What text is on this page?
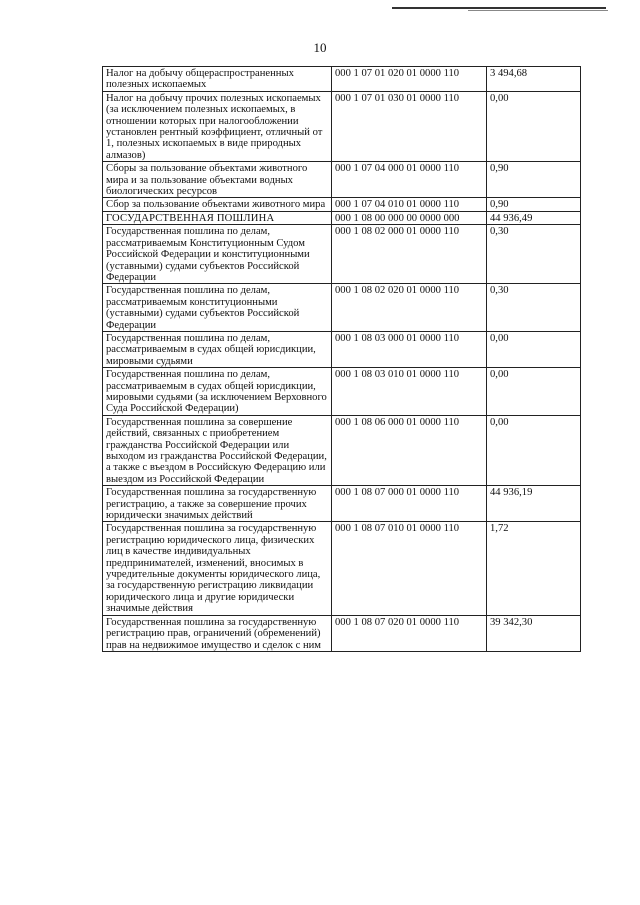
10
Налог на добычу общераспространенных полезных ископаемых	000 1 07 01 020 01 0000 110	3 494,68
Налог на добычу прочих полезных ископаемых (за исключением полезных ископаемых, в отношении которых при налогообложении установлен рентный коэффициент, отличный от 1, полезных ископаемых в виде природных алмазов)	000 1 07 01 030 01 0000 110	0,00
Сборы за пользование объектами животного мира и за пользование объектами водных биологических ресурсов	000 1 07 04 000 01 0000 110	0,90
Сбор за пользование объектами животного мира	000 1 07 04 010 01 0000 110	0,90
ГОСУДАРСТВЕННАЯ ПОШЛИНА	000 1 08 00 000 00 0000 000	44 936,49
Государственная пошлина по делам, рассматриваемым Конституционным Судом Российской Федерации и конституционными (уставными) судами субъектов Российской Федерации	000 1 08 02 000 01 0000 110	0,30
Государственная пошлина по делам, рассматриваемым конституционными (уставными) судами субъектов Российской Федерации	000 1 08 02 020 01 0000 110	0,30
Государственная пошлина по делам, рассматриваемым в судах общей юрисдикции, мировыми судьями	000 1 08 03 000 01 0000 110	0,00
Государственная пошлина по делам, рассматриваемым в судах общей юрисдикции, мировыми судьями (за исключением Верховного Суда Российской Федерации)	000 1 08 03 010 01 0000 110	0,00
Государственная пошлина за совершение действий, связанных с приобретением гражданства Российской Федерации или выходом из гражданства Российской Федерации, а также с въездом в Российскую Федерацию или выездом из Российской Федерации	000 1 08 06 000 01 0000 110	0,00
Государственная пошлина за государственную регистрацию, а также за совершение прочих юридически значимых действий	000 1 08 07 000 01 0000 110	44 936,19
Государственная пошлина за государственную регистрацию юридического лица, физических лиц в качестве индивидуальных предпринимателей, изменений, вносимых в учредительные документы юридического лица, за государственную регистрацию ликвидации юридического лица и другие юридически значимые действия	000 1 08 07 010 01 0000 110	1,72
Государственная пошлина за государственную регистрацию прав, ограничений (обременений) прав на недвижимое имущество и сделок с ним	000 1 08 07 020 01 0000 110	39 342,30
